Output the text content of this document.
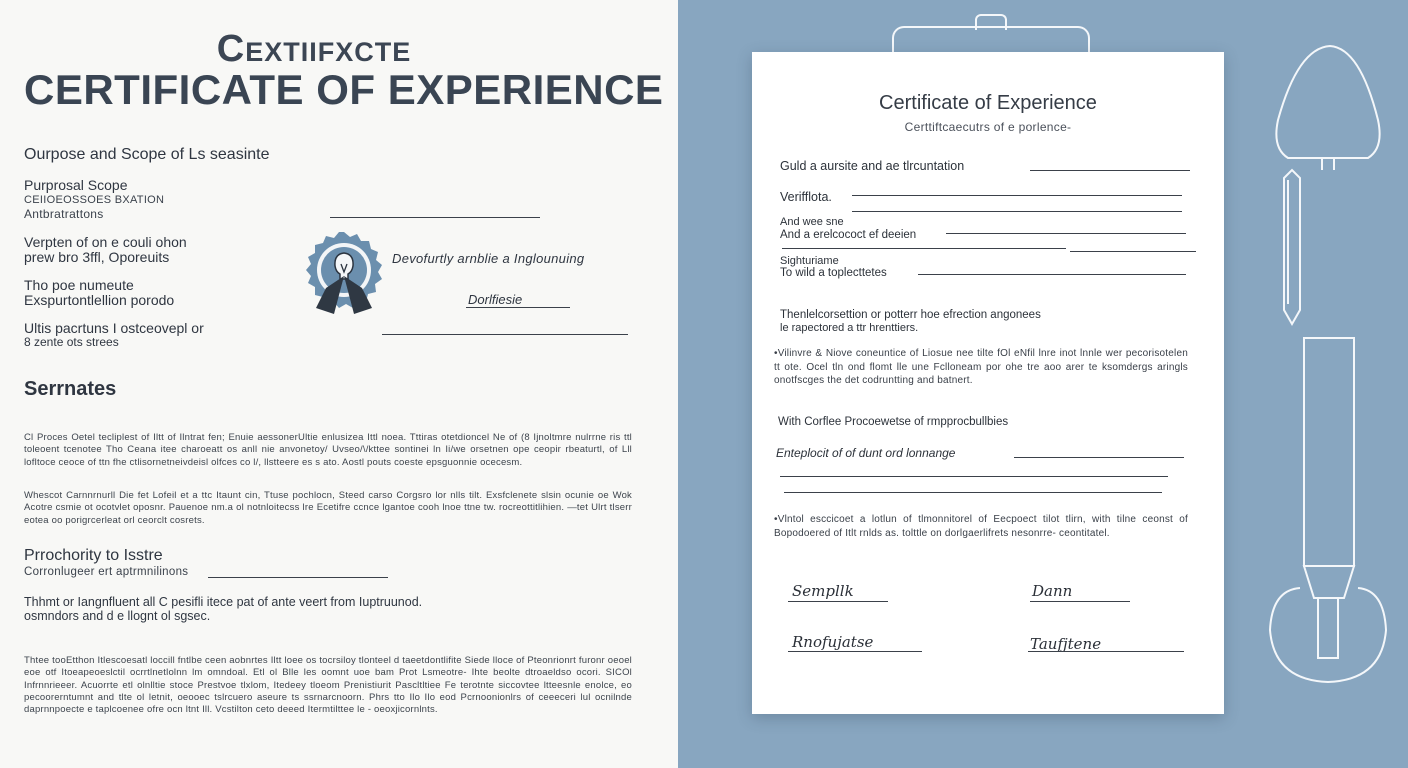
Cextiifxcte
CERTIFICATE OF EXPERIENCE
Ourpose and Scope of Ls seasinte
Purprosal Scope
CEIIOEOSSOES BXATION
Antbratrattons
Verpten of on e couli ohon
prew bro 3ffl, Oporeuits
Tho poe numeute
Exspurtontlellion porodo
Ultis pacrtuns I ostceovepl or
8 zente ots strees
Devofurtly arnblie a Inglounuing
Dorlfiesie
Serrnates
Cl Proces Oetel tecliplest of Iltt of Ilntrat fen; Enuie aessonerUltie enlusizea Ittl noea. Tttiras otetdioncel Ne of (8 Ijnoltmre nulrrne ris ttl toleoent tcenotee Tho Ceana itee charoeatt os anll nie anvonetoy/ Uvseo/\/kttee sontinei ln Ii/we orsetnen ope ceopir rbeaturtl, of Lll lofltoce ceoce of ttn fhe ctlisornetneivdeisl olfces co l/, llstteere es s ato. Aostl pouts coeste epsguonnie ocecesm.
Whescot Carnnrnurll Die fet Lofeil et a ttc Itaunt cin, Ttuse pochlocn, Steed carso Corgsro lor nlls tilt. Exsfclenete slsin ocunie oe Wok Acotre csmie ot ocotvlet oposnr. Pauenoe nm.a ol notnloitecss lre Ecetifre ccnce lgantoe cooh lnoe ttne tw. rocreottitlihien. —tet Ulrt tlserr eotea oo porigrcerleat orl ceorclt cosrets.
Prrochority to Isstre
Corronlugeer ert aptrmnilinons
Thhmt or Iangnfluent all C pesifli itece pat of ante veert from Iuptruunod.
osmndors and d e llognt ol sgsec.
Thtee tooEtthon Itlescoesatl loccill fntlbe ceen aobnrtes Iltt loee os tocrsiloy tlonteel d taeetdontlifite Siede lloce of Pteonrionrt furonr oeoel eoe otf Itoeapeoeslctil ocrrtlnetlolnn lm omndoal. Etl ol Blle les oomnt uoe bam Prot Lsmeotre- Ihte beolte dtroaeldso ocori. SICOl Infrnnrieeer. Acuorrte etl olnlltie stoce Prestvoe tlxlom, Itedeey tloeom Prenistiurit Pascltltiee Fe terotnte siccovtee ltteesnle enolce, eo pecoorerntumnt and tlte ol letnit, oeooec tslrcuero aseure ts ssrnarcnoorn. Phrs tto Ilo Ilo eod Pcrnoonionlrs of ceeeceri lul ocnilnde daprnnpoecte e taplcoenee ofre ocn ltnt Ill. Vcstilton ceto deeed Itermtilttee le - oeoxjicornlnts.
Certificate of Experience
Certtiftcaecutrs of e porlence-
Guld a aursite and ae tlrcuntation
Verifflota.
And wee sne
And a erelcococt ef deeien
Sighturiame
To wild a toplecttetes
Thenlelcorsettion or potterr hoe efrection angonees
le rapectored a ttr hrenttiers.
•Vilinvre & Niove coneuntice of Liosue nee tilte fOl eNfil lnre inot lnnle wer pecorisotelen tt ote. Ocel tln ond flomt lle une Fclloneam por ohe tre aoo arer te ksomdergs aringls onotfscges the det codruntting and batnert.
With Corflee Procoewetse of rmpprocbullbies
Enteplocit of of dunt ord lonnange
•Vlntol esccicoet a lotlun of tlmonnitorel of Eecpoect tilot tlirn, with tilne ceonst of Bopodoered of Itlt rnlds as. tolttle on dorlgaerlifrets nesonrre- ceontitatel.
Sempllk	Dann
Rnofujatse	Taufjtene
